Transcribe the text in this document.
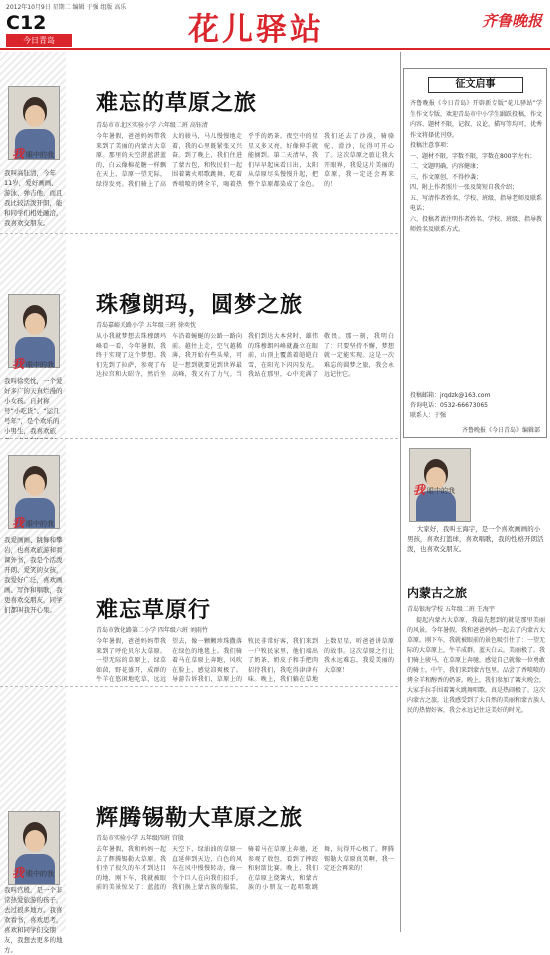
2012年10月9日 星期二 编辑 于强 组版 高乐
C12
今日青岛	花儿驿站	齐鲁晚报
我 眼中的我
我叫高钰清，今年11岁，爱好画画、游泳、弹吉他，而且我比较活泼开朗，能和同学们相处融洽，我喜欢交朋友。
难忘的草原之旅
青岛市市北区实验小学 六年级二班 高钰清
今年暑假，爸爸妈妈带我来到了美丽的内蒙古大草原。那里的天空湛蓝湛蓝的，白云像棉花糖一样飘在天上，草原一望无际，绿得发亮。我们骑上了高大的骏马，马儿慢慢地走着，我的心里既紧张又兴奋。到了晚上，我们住进了蒙古包，和牧民们一起围着篝火唱歌跳舞，吃着香喷喷的烤全羊，喝着热乎乎的奶茶。夜空中的星星又多又亮，好像伸手就能摘到。第二天清早，我们早早起床看日出，太阳从草原尽头慢慢升起，把整个草原都染成了金色。我们还去了沙漠，骑骆驼、滑沙，玩得可开心了。这次草原之旅让我大开眼界，我爱这片美丽的草原，我一定还会再来的！
我 眼中的我
我叫徐奕忱，一个爱好多广的天真烂漫的小女孩。自封称号“小吃货”。“运几号年”，是个欢乐的小男生，我喜欢旅
珠穆朗玛，圆梦之旅
青岛嘉峪关路小学 五年级三班 徐奕忱
从小我就梦想去珠穆朗玛峰看一看，今年暑假，我终于实现了这个梦想。我们先到了拉萨，参观了布达拉宫和大昭寺，然后坐车沿着蜿蜒的公路一路向前。越往上走，空气越稀薄，我开始有些头晕，可是一想到就要见到世界最高峰，我又有了力气。当我们到达大本营时，雄伟的珠穆朗玛峰就矗立在眼前，山顶上覆盖着皑皑白雪，在阳光下闪闪发光。我站在那里，心中充满了敬畏。那一刻，我明白了：只要坚持不懈，梦想就一定能实现。这是一次难忘的圆梦之旅，我会永远记住它。
我 眼中的我
我爱画画、跳舞和攀岩，也喜欢旅游和看课外书，我是个活泼开朗、爱笑的女孩，我爱好广泛，喜欢画画、写作和唱歌，我更喜欢交朋友，同学们都叫我开心果。	难忘草原行
青岛市敦化路第二小学 四年级六班 刘雨竹
今年暑假，爸爸妈妈带我来到了呼伦贝尔大草原。一望无际的草原上，绿草如茵，野花盛开，成群的牛羊在悠闲地吃草，远远望去，像一颗颗珍珠撒落在绿色的地毯上。我们骑着马在草原上奔跑，风吹在脸上，感觉凉爽极了。导游告诉我们，草原上的牧民非常好客，我们来到一户牧民家里，他们端出了奶茶、奶皮子和手把肉招待我们，我吃得津津有味。晚上，我们躺在草地上数星星，听爸爸讲草原的故事。这次草原之行让我永远难忘，我爱美丽的大草原！
我 眼中的我
我叫宫殷，是一个非常热爱旅游的孩子，去过很多地方。我喜欢看书，喜欢思考，喜欢和同学们交朋友，我想去更多的地方。
辉腾锡勒大草原之旅
青岛市实验小学 五年级四班 宫殷
去年暑假，我和妈妈一起去了辉腾锡勒大草原。我们坐了很久的车才到达目的地，刚下车，我就被眼前的美景惊呆了：蓝蓝的天空下，绿油油的草原一直延伸到天边，白色的风车在风中慢慢转动，像一个个巨人在向我们招手。我们换上蒙古族的服装，骑着马在草原上奔驰，还参观了敖包，看到了摔跤和射箭比赛。晚上，我们在草原上烧篝火，和蒙古族的小朋友一起唱歌跳舞，玩得开心极了。辉腾锡勒大草原真美啊，我一定还会再来的！
征文启事
齐鲁晚报《今日青岛》开辟新专版“花儿驿站”学生作文专版，欢迎青岛市中小学生踊跃投稿，作文内容、题材不限，记叙、议论、描写等均可，优秀作文将择优刊登。
投稿注意事项：
一、题材不限，字数不限，字数在800字左右；
二、文题明确，内容健康；
三、作文原创，不得抄袭；
四、附上作者照片一张及简短自我介绍；
五、写清作者姓名、学校、班级、指导老师及联系电话；
六、投稿者请注明作者姓名、学校、班级、指导教师姓名及联系方式。
投稿邮箱：jrqdzk@163.com
咨询电话：0532-66673065
联系人：于强
齐鲁晚报《今日青岛》编辑部
我 眼中的我
大家好，我叫王海宇，是一个喜欢画画的小男孩，喜欢打篮球，喜欢唱歌，我的性格开朗活泼，也喜欢交朋友。
内蒙古之旅
青岛银海学校 五年级二班 王海宇
提起内蒙古大草原，我最先想到的就是那里美丽的风景。今年暑假，我和爸爸妈妈一起去了内蒙古大草原。刚下车，我就被眼前的景色吸引住了：一望无际的大草原上，牛羊成群，蓝天白云，美丽极了。我们骑上骏马，在草原上奔驰，感觉自己就像一位勇敢的骑士。中午，我们来到蒙古包里，品尝了香喷喷的烤全羊和醇香的奶茶。晚上，我们参加了篝火晚会，大家手拉手围着篝火跳舞唱歌，真是热闹极了。这次内蒙古之旅，让我感受到了大自然的美丽和蒙古族人民的热情好客，我会永远记住这美好的时光。
